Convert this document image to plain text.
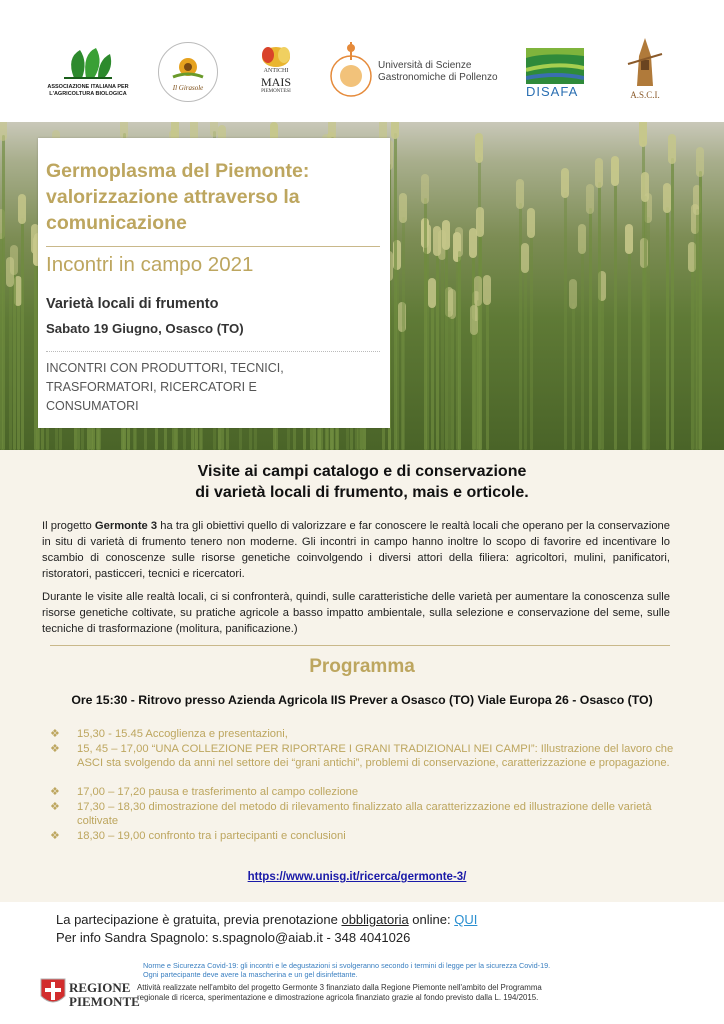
ASSOCIAZIONE ITALIANA PER L'AGRICOLTURA BIOLOGICA
Il Girasole
ANTICHI
MAIS
PIEMONTESI
Università di Scienze
Gastronomiche di Pollenzo
DISAFA	A.S.C.I.
Germoplasma del Piemonte: valorizzazione attraverso la comunicazione
Incontri in campo 2021
Varietà locali di frumento
Sabato 19 Giugno, Osasco (TO)
INCONTRI CON PRODUTTORI, TECNICI, TRASFORMATORI, RICERCATORI E CONSUMATORI
Visite ai campi catalogo e di conservazione
di varietà locali di frumento, mais e orticole.
Il progetto Germonte 3 ha tra gli obiettivi quello di valorizzare e far conoscere le realtà locali che operano per la conservazione in situ di varietà di frumento tenero non moderne. Gli incontri in campo hanno inoltre lo scopo di favorire ed incentivare lo scambio di conoscenze sulle risorse genetiche coinvolgendo i diversi attori della filiera: agricoltori, mulini, panificatori, ristoratori, pasticceri, tecnici e ricercatori.
Durante le visite alle realtà locali, ci si confronterà, quindi, sulle caratteristiche delle varietà per aumentare la conoscenza sulle risorse genetiche coltivate, su pratiche agricole a basso impatto ambientale, sulla selezione e conservazione del seme, sulle tecniche di trasformazione (molitura, panificazione.)
Programma
Ore 15:30 - Ritrovo presso Azienda Agricola IIS Prever a Osasco (TO) Viale Europa 26 - Osasco (TO)
❖ 15,30 - 15.45 Accoglienza e presentazioni,
❖ 15, 45 – 17,00 “UNA COLLEZIONE PER RIPORTARE I GRANI TRADIZIONALI NEI CAMPI”: Illustrazione del lavoro che ASCI sta svolgendo da anni nel settore dei “grani antichi”, problemi di conservazione, caratterizzazione e propagazione.
❖ 17,00 – 17,20 pausa e trasferimento al campo collezione
❖ 17,30 – 18,30 dimostrazione del metodo di rilevamento finalizzato alla caratterizzazione ed illustrazione delle varietà coltivate
❖ 18,30 – 19,00 confronto tra i partecipanti e conclusioni
https://www.unisg.it/ricerca/germonte-3/
La partecipazione è gratuita, previa prenotazione obbligatoria online: QUI
Per info Sandra Spagnolo: s.spagnolo@aiab.it - 348 4041026
Norme e Sicurezza Covid-19: gli incontri e le degustazioni si svolgeranno secondo i termini di legge per la sicurezza Covid-19.
Ogni partecipante deve avere la mascherina e un gel disinfettante.
REGIONE
PIEMONTE
Attività realizzate nell'ambito del progetto Germonte 3 finanziato dalla Regione Piemonte nell'ambito del Programma
regionale di ricerca, sperimentazione e dimostrazione agricola finanziato grazie al fondo previsto dalla L. 194/2015.
